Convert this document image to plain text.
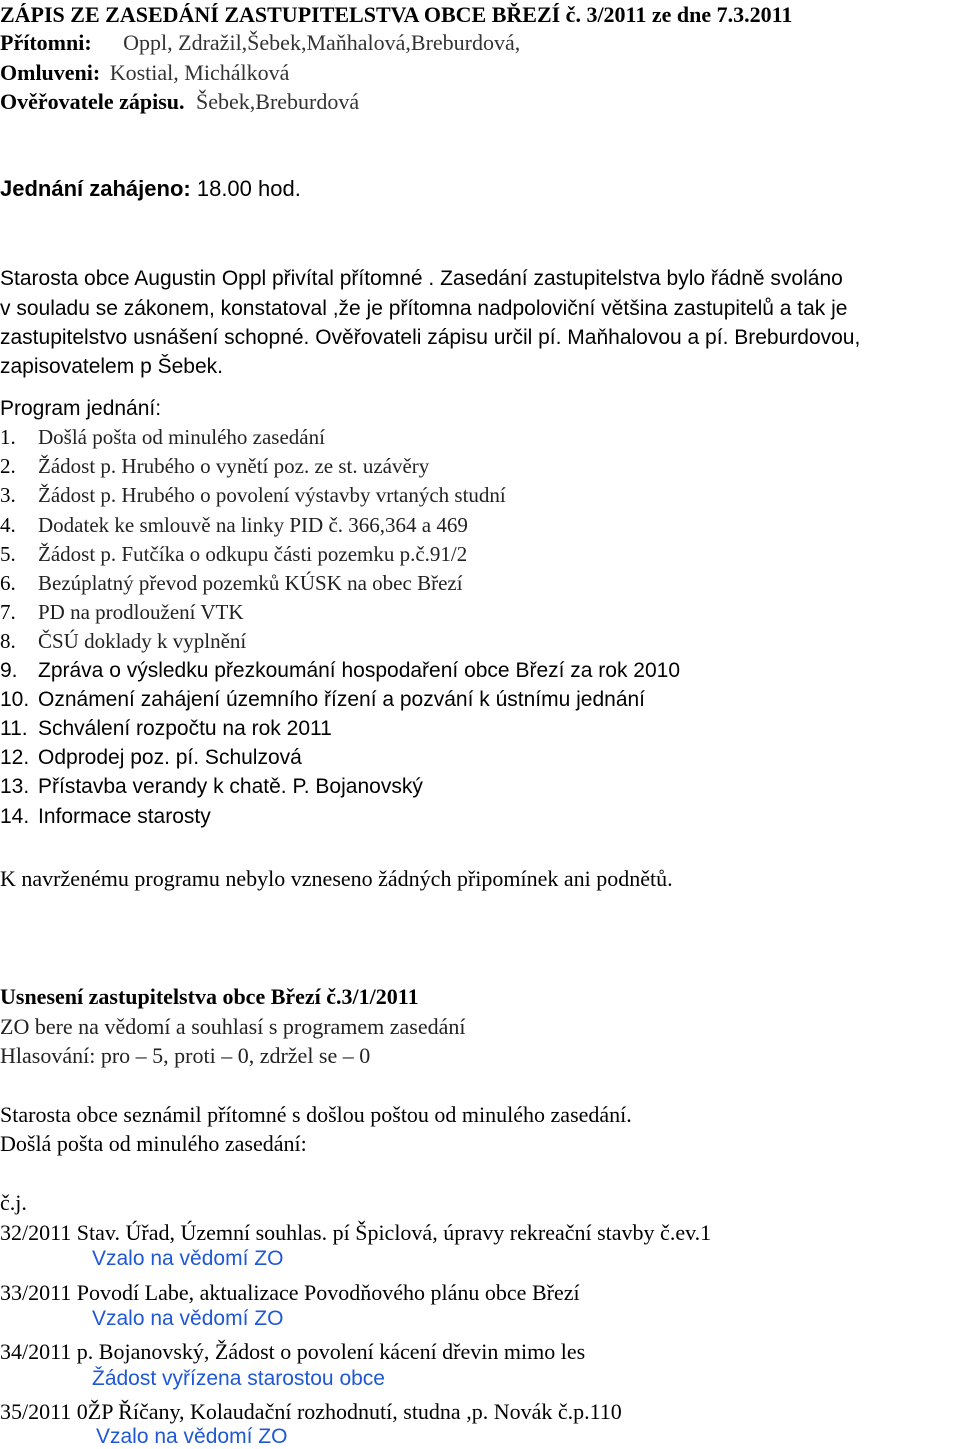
ZÁPIS ZE ZASEDÁNÍ ZASTUPITELSTVA OBCE BŘEZÍ č. 3/2011 ze dne 7.3.2011
Přítomni: Oppl, Zdražil,Šebek,Maňhalová,Breburdová,
Omluveni: Kostial, Michálková
Ověřovatele zápisu. Šebek,Breburdová
Jednání zahájeno: 18.00 hod.
Starosta obce Augustin Oppl přivítal přítomné . Zasedání zastupitelstva bylo řádně svoláno
v souladu se zákonem, konstatoval ,že je přítomna nadpoloviční většina zastupitelů a tak je
zastupitelstvo usnášení schopné. Ověřovateli zápisu určil pí. Maňhalovou a pí. Breburdovou,
zapisovatelem p Šebek.
Program jednání:
1.	Došlá pošta od minulého zasedání
2.	Žádost p. Hrubého o vynětí poz. ze st. uzávěry
3.	Žádost p. Hrubého o povolení výstavby vrtaných studní
4.	Dodatek ke smlouvě na linky PID č. 366,364 a 469
5.	Žádost p. Futčíka o odkupu části pozemku p.č.91/2
6.	Bezúplatný převod pozemků KÚSK na obec Březí
7.	PD na prodloužení VTK
8.	ČSÚ doklady k vyplnění
9. Zpráva o výsledku přezkoumání hospodaření obce Březí za rok 2010
10. Oznámení zahájení územního řízení a pozvání k ústnímu jednání
11. Schválení rozpočtu na rok 2011
12. Odprodej poz. pí. Schulzová
13. Přístavba verandy k chatě. P. Bojanovský
14. Informace starosty
K navrženému programu nebylo vzneseno žádných připomínek ani podnětů.
Usnesení zastupitelstva obce Březí č.3/1/2011
ZO bere na vědomí a souhlasí s programem zasedání
Hlasování: pro – 5, proti – 0, zdržel se – 0
Starosta obce seznámil přítomné s došlou poštou od minulého zasedání.
Došlá pošta od minulého zasedání:
č.j.
32/2011 Stav. Úřad, Územní souhlas. pí Špiclová, úpravy rekreační stavby č.ev.1
Vzalo na vědomí ZO
33/2011 Povodí Labe, aktualizace Povodňového plánu obce Březí
Vzalo na vědomí ZO
34/2011 p. Bojanovský, Žádost o povolení kácení dřevin mimo les
Žádost vyřízena starostou obce
35/2011 0ŽP Říčany, Kolaudační rozhodnutí, studna ,p. Novák č.p.110
Vzalo na vědomí ZO
